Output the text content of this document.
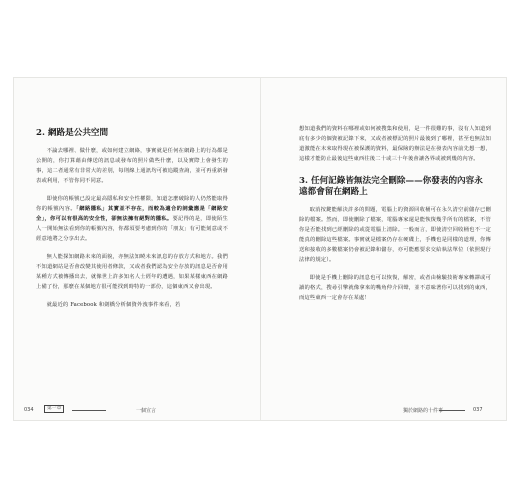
2. 網路是公共空間

不論去哪裡、做什麼，或如何建立網絡，事實就是任何在網路上的行為都是公開的，你打算藉由傳送的訊息或發布的照片做些什麼，以及實際上會發生的事，這二者通常有非常大的差別，每則線上通訊均可被追蹤查詢，並可再重新發表或利用，不管你同不同意。

即使你的帳號已設定最高隱私和安全性權限，知道怎麼破除的人仍然能取得你的帳號內容。「網路隱私」其實並不存在，而較為適合的詞彙應是「網路安全」，你可以有很高的安全性，卻無法擁有絕對的隱私。要記得的是，即使陌生人一開始無法看到你的帳號內容，你都須要考慮到你的「朋友」有可能刻意或不經意地將之分享出去。

無人能探知網路未來的面貌，亦無法知曉未來訊息的存放方式和地方。我們不知道網站是否會改變其使用者條款，又或者我們認為安全存放的訊息是否會用某種方式被傳播出去，就像世上許多知名人士經年的遭遇，如果某樣東西在網路上備了份，那麼在某個地方很可能找到時特的一部份，這個東西又會出現。

就最近的 Facebook 和劍橋分析個資外洩事件來看，若

034	第一章	一個宣言

想知道我們的資料在哪裡或如何被搜集和使用，是一件很難的事，沒有人知道到底有多少的個資被記錄下來，又或者被標記的照片最後到了哪裡，甚至也無法知道激能在未來取得現在被保護的資料，最保險的辦法是在發表內容前先想一想，這樣才能防止最後這些東西往後二十或三十年後會讓各界或被到幾的內容。

3. 任何記錄皆無法完全刪除——你發表的內容永遠都會留在網路上

取消按鍵能解決許多的問題，電腦上的資源回收桶可在永久清空前儲存已刪除的檔案。然而，即使刪除了檔案，電腦專家還是能恢復幾乎所有的檔案，不管你是否能找到已經刪除的或從電腦上清除。一般而言，即使清空回收桶也不一定能真的刪除這些檔案。事實就是檔案仍存在硬碟上，手機也是同樣的道理，你傳送和接收的多數檔案仍會被記錄和儲存，亦可能應要求交給執法單位（依照現行法律的規定）。

即使是手機上刪除的訊息也可以恢復，解密，或者由檢驗技術專家轉譯或可讀的格式，搜尋引擎就像拿來的嘴角仲介回聲，並不意味著你可以找到的東西，而這些東西一定會存在某處！

獨於網路的十件事	037
